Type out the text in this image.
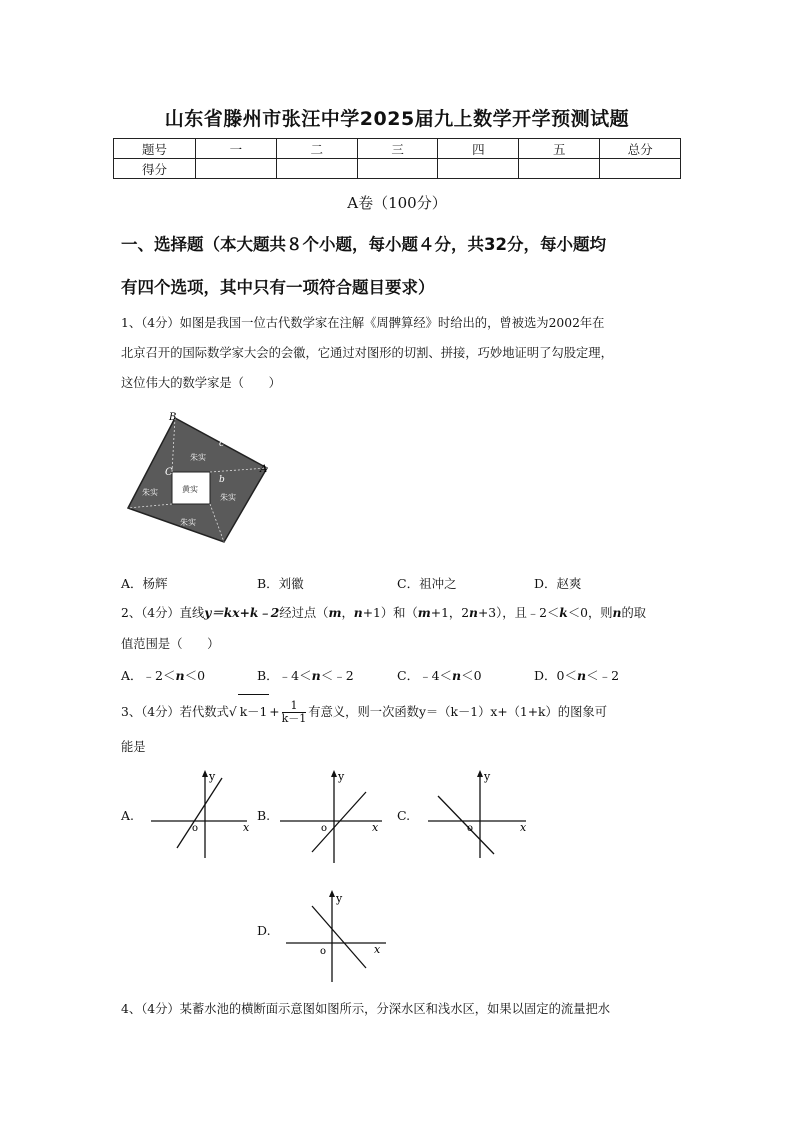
山东省滕州市张汪中学2025届九上数学开学预测试题
题号	一	二	三	四	五	总分
得分						
A卷（100分）
一、选择题（本大题共８个小题，每小题４分，共32分，每小题均
有四个选项，其中只有一项符合题目要求）
1、（4分）如图是我国一位古代数学家在注解《周髀算经》时给出的，曾被选为2002年在
北京召开的国际数学家大会的会徽，它通过对图形的切割、拼接，巧妙地证明了勾股定理，
这位伟大的数学家是（　　）
B
A
C
c
b
朱实
朱实
朱实
朱实	黄实
A．杨辉	B．刘徽	C．祖冲之	D．赵爽
2、（4分）直线y＝kx+k﹣2经过点（m，n+1）和（m+1，2n+3），且﹣2＜k＜0，则n的取
值范围是（　　）
A．﹣2＜n＜0	B．﹣4＜n＜﹣2	C．﹣4＜n＜0	D．0＜n＜﹣2
3、（4分）若代数式√ $k-1 + \frac{1}{k-1}$ 有意义，则一次函数y＝（k－1）x+（1+k）的图象可
能是
A.
y
x
o
B.
y
x
o
C.
y
x
o
D.
y
x
o
4、（4分）某蓄水池的横断面示意图如图所示，分深水区和浅水区，如果以固定的流量把水
